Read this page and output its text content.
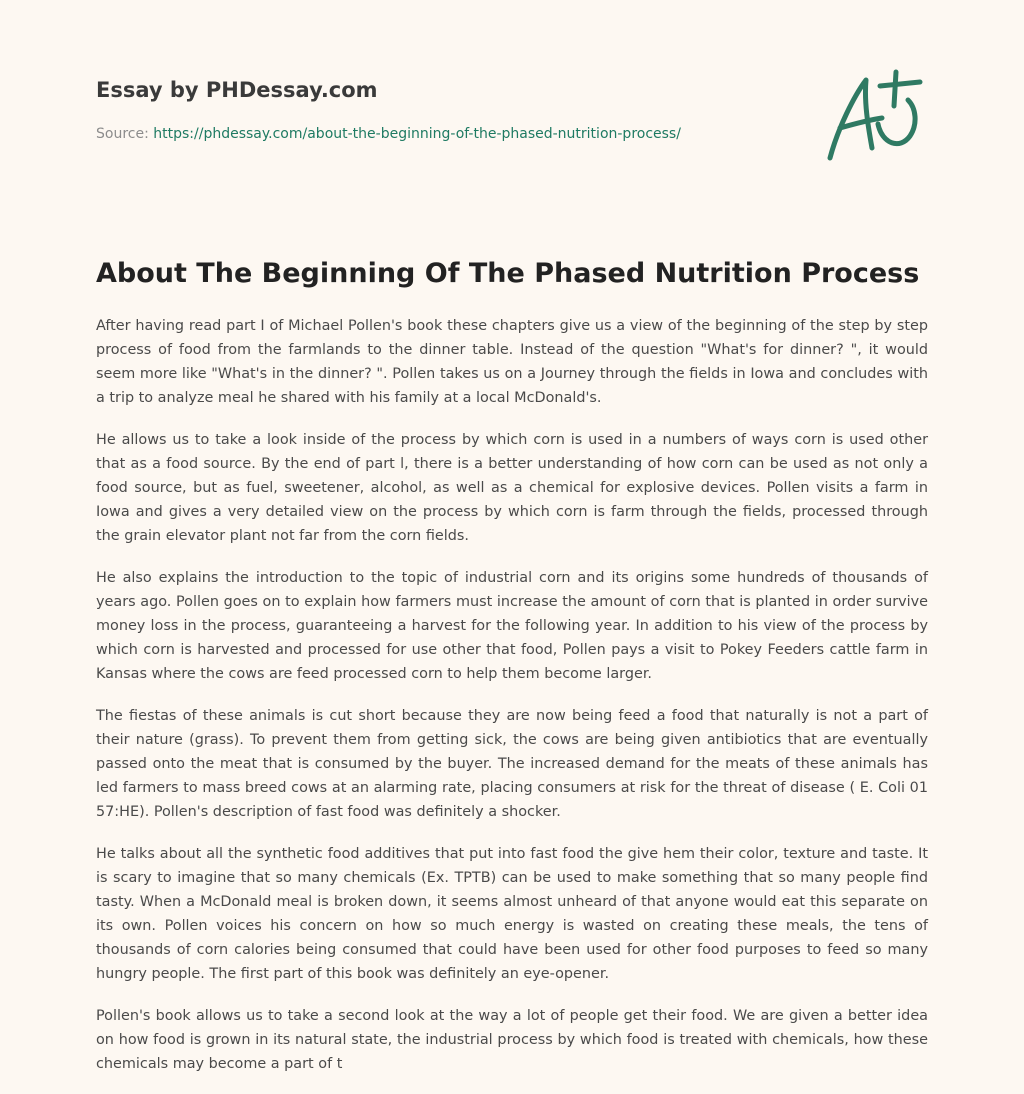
Essay by PHDessay.com
Source: https://phdessay.com/about-the-beginning-of-the-phased-nutrition-process/
About The Beginning Of The Phased Nutrition Process

After having read part I of Michael Pollen's book these chapters give us a view of the beginning of the step by step process of food from the farmlands to the dinner table. Instead of the question "What's for dinner? ", it would seem more like "What's in the dinner? ". Pollen takes us on a Journey through the fields in Iowa and concludes with a trip to analyze meal he shared with his family at a local McDonald's.

He allows us to take a look inside of the process by which corn is used in a numbers of ways corn is used other that as a food source. By the end of part l, there is a better understanding of how corn can be used as not only a food source, but as fuel, sweetener, alcohol, as well as a chemical for explosive devices. Pollen visits a farm in Iowa and gives a very detailed view on the process by which corn is farm through the fields, processed through the grain elevator plant not far from the corn fields.

He also explains the introduction to the topic of industrial corn and its origins some hundreds of thousands of years ago. Pollen goes on to explain how farmers must increase the amount of corn that is planted in order survive money loss in the process, guaranteeing a harvest for the following year. In addition to his view of the process by which corn is harvested and processed for use other that food, Pollen pays a visit to Pokey Feeders cattle farm in Kansas where the cows are feed processed corn to help them become larger.

The fiestas of these animals is cut short because they are now being feed a food that naturally is not a part of their nature (grass). To prevent them from getting sick, the cows are being given antibiotics that are eventually passed onto the meat that is consumed by the buyer. The increased demand for the meats of these animals has led farmers to mass breed cows at an alarming rate, placing consumers at risk for the threat of disease ( E. Coli 01 57:HE). Pollen's description of fast food was definitely a shocker.

He talks about all the synthetic food additives that put into fast food the give hem their color, texture and taste. It is scary to imagine that so many chemicals (Ex. TPTB) can be used to make something that so many people find tasty. When a McDonald meal is broken down, it seems almost unheard of that anyone would eat this separate on its own. Pollen voices his concern on how so much energy is wasted on creating these meals, the tens of thousands of corn calories being consumed that could have been used for other food purposes to feed so many hungry people. The first part of this book was definitely an eye-opener.

Pollen's book allows us to take a second look at the way a lot of people get their food. We are given a better idea on how food is grown in its natural state, the industrial process by which food is treated with chemicals, how these chemicals may become a part of t
